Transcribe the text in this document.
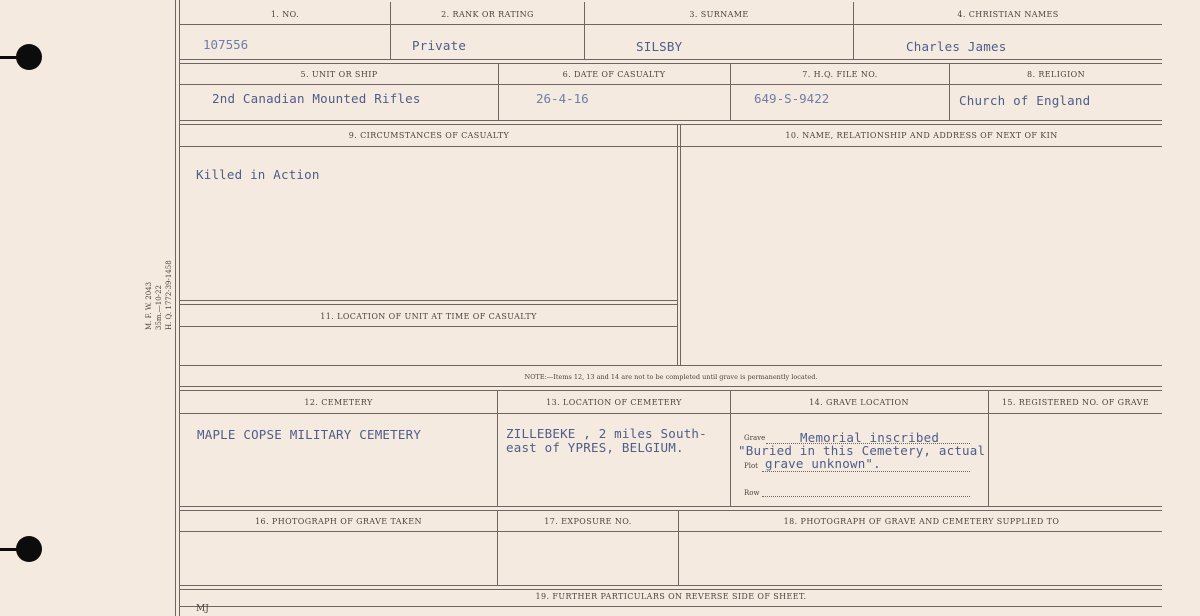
M. F. W. 2043 35m.—10-22 H. Q. 1772-39-1458
1. NO.	2. RANK OR RATING	3. SURNAME	4. CHRISTIAN NAMES
107556	Private	SILSBY	Charles James
5. UNIT OR SHIP	6. DATE OF CASUALTY	7. H.Q. FILE NO.	8. RELIGION
2nd Canadian Mounted Rifles	26-4-16	649-S-9422	Church of England
9. CIRCUMSTANCES OF CASUALTY	10. NAME, RELATIONSHIP AND ADDRESS OF NEXT OF KIN
Killed in Action
11. LOCATION OF UNIT AT TIME OF CASUALTY
NOTE:—Items 12, 13 and 14 are not to be completed until grave is permanently located.
12. CEMETERY	13. LOCATION OF CEMETERY	14. GRAVE LOCATION	15. REGISTERED NO. OF GRAVE
MAPLE COPSE MILITARY CEMETERY	ZILLEBEKE , 2 miles South-
east of YPRES, BELGIUM.
Grave	Memorial inscribed
"Buried in this Cemetery, actual
Plot grave unknown".
Row
16. PHOTOGRAPH OF GRAVE TAKEN	17. EXPOSURE NO.	18. PHOTOGRAPH OF GRAVE AND CEMETERY SUPPLIED TO
19. FURTHER PARTICULARS ON REVERSE SIDE OF SHEET.
MJ
